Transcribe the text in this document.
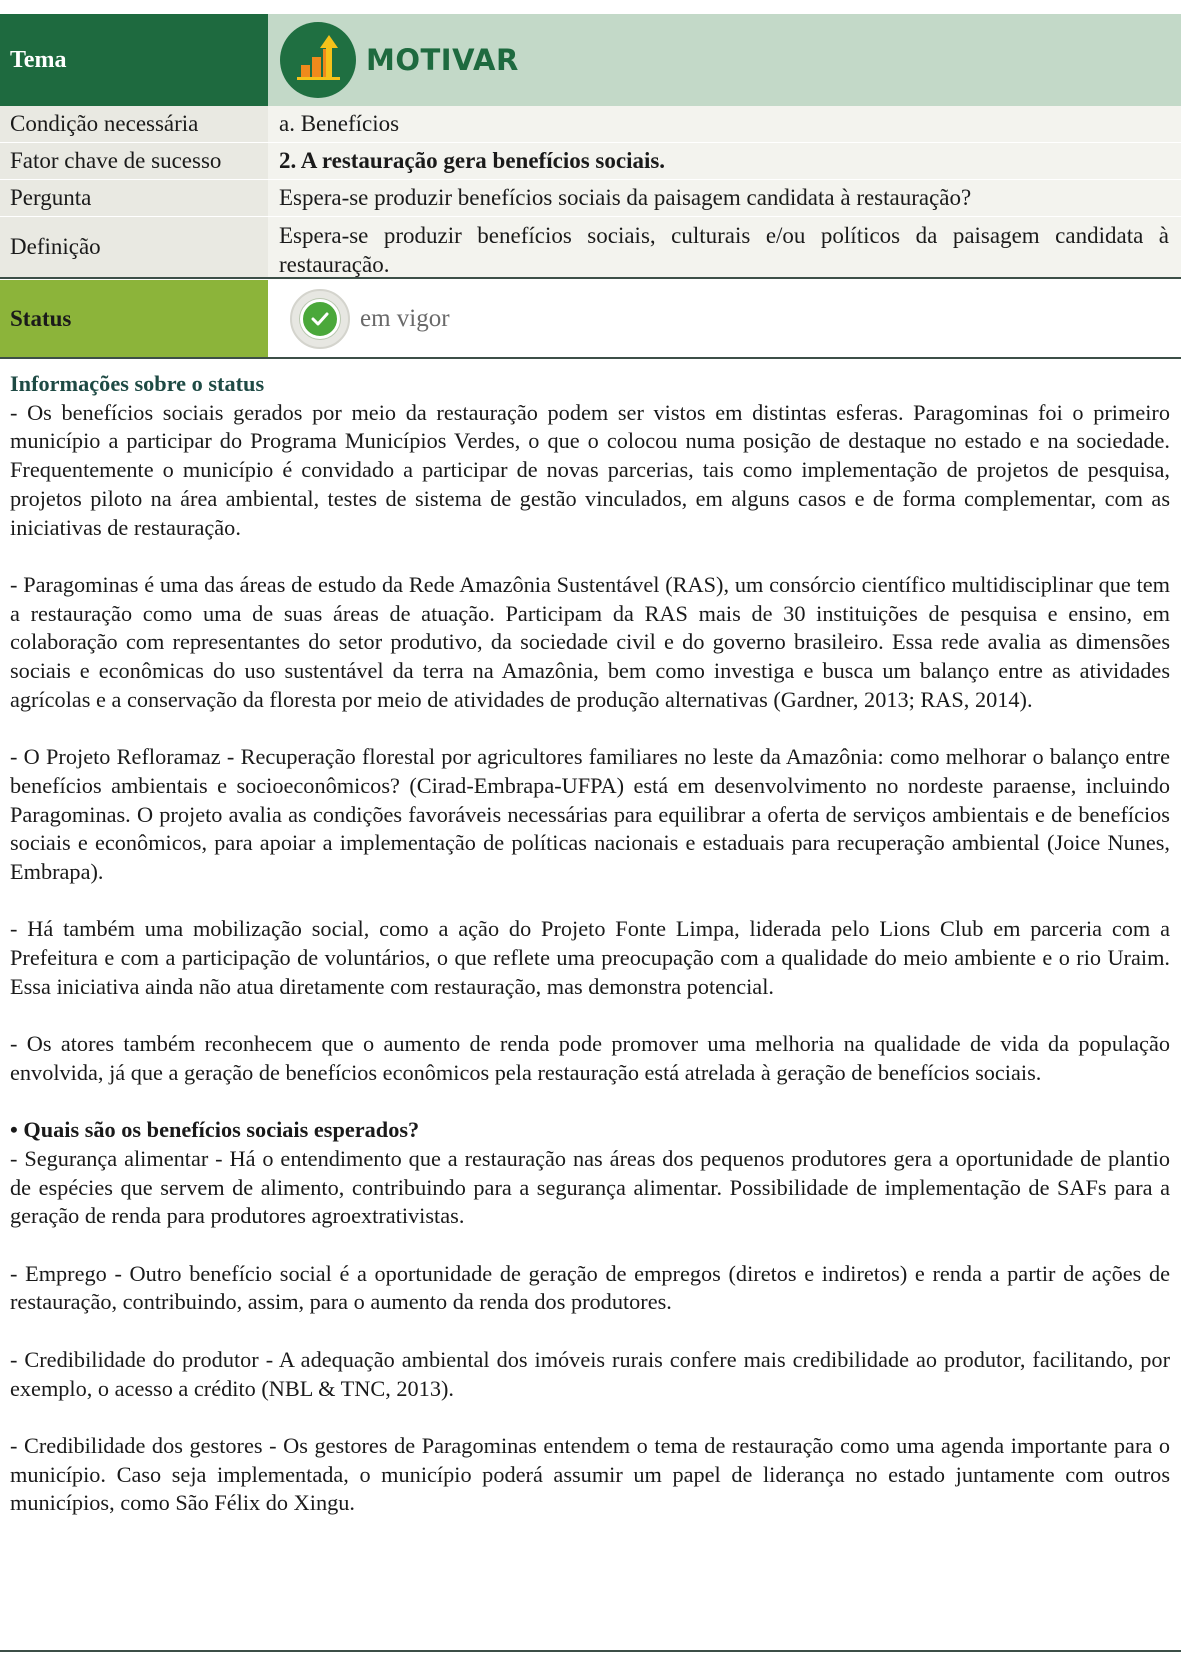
Tema	MOTIVAR
Condição necessária	a. Benefícios
Fator chave de sucesso	2. A restauração gera benefícios sociais.
Pergunta	Espera-se produzir benefícios sociais da paisagem candidata à restauração?
Definição	Espera-se produzir benefícios sociais, culturais e/ou políticos da paisagem candidata à restauração.
Status	em vigor

Informações sobre o status

- Os benefícios sociais gerados por meio da restauração podem ser vistos em distintas esferas. Paragominas foi o primeiro município a participar do Programa Municípios Verdes, o que o colocou numa posição de destaque no estado e na sociedade. Frequentemente o município é convidado a participar de novas parcerias, tais como implementação de projetos de pesquisa, projetos piloto na área ambiental, testes de sistema de gestão vinculados, em alguns casos e de forma complementar, com as iniciativas de restauração.

- Paragominas é uma das áreas de estudo da Rede Amazônia Sustentável (RAS), um consórcio científico multidisciplinar que tem a restauração como uma de suas áreas de atuação. Participam da RAS mais de 30 instituições de pesquisa e ensino, em colaboração com representantes do setor produtivo, da sociedade civil e do governo brasileiro. Essa rede avalia as dimensões sociais e econômicas do uso sustentável da terra na Amazônia, bem como investiga e busca um balanço entre as atividades agrícolas e a conservação da floresta por meio de atividades de produção alternativas (Gardner, 2013; RAS, 2014).

- O Projeto Refloramaz - Recuperação florestal por agricultores familiares no leste da Amazônia: como melhorar o balanço entre benefícios ambientais e socioeconômicos? (Cirad-Embrapa-UFPA) está em desenvolvimento no nordeste paraense, incluindo Paragominas. O projeto avalia as condições favoráveis necessárias para equilibrar a oferta de serviços ambientais e de benefícios sociais e econômicos, para apoiar a implementação de políticas nacionais e estaduais para recuperação ambiental (Joice Nunes, Embrapa).

- Há também uma mobilização social, como a ação do Projeto Fonte Limpa, liderada pelo Lions Club em parceria com a Prefeitura e com a participação de voluntários, o que reflete uma preocupação com a qualidade do meio ambiente e o rio Uraim. Essa iniciativa ainda não atua diretamente com restauração, mas demonstra potencial.

- Os atores também reconhecem que o aumento de renda pode promover uma melhoria na qualidade de vida da população envolvida, já que a geração de benefícios econômicos pela restauração está atrelada à geração de benefícios sociais.

• Quais são os benefícios sociais esperados?

- Segurança alimentar - Há o entendimento que a restauração nas áreas dos pequenos produtores gera a oportunidade de plantio de espécies que servem de alimento, contribuindo para a segurança alimentar. Possibilidade de implementação de SAFs para a geração de renda para produtores agroextrativistas.

- Emprego - Outro benefício social é a oportunidade de geração de empregos (diretos e indiretos) e renda a partir de ações de restauração, contribuindo, assim, para o aumento da renda dos produtores.

- Credibilidade do produtor - A adequação ambiental dos imóveis rurais confere mais credibilidade ao produtor, facilitando, por exemplo, o acesso a crédito (NBL & TNC, 2013).

- Credibilidade dos gestores - Os gestores de Paragominas entendem o tema de restauração como uma agenda importante para o município. Caso seja implementada, o município poderá assumir um papel de liderança no estado juntamente com outros municípios, como São Félix do Xingu.
